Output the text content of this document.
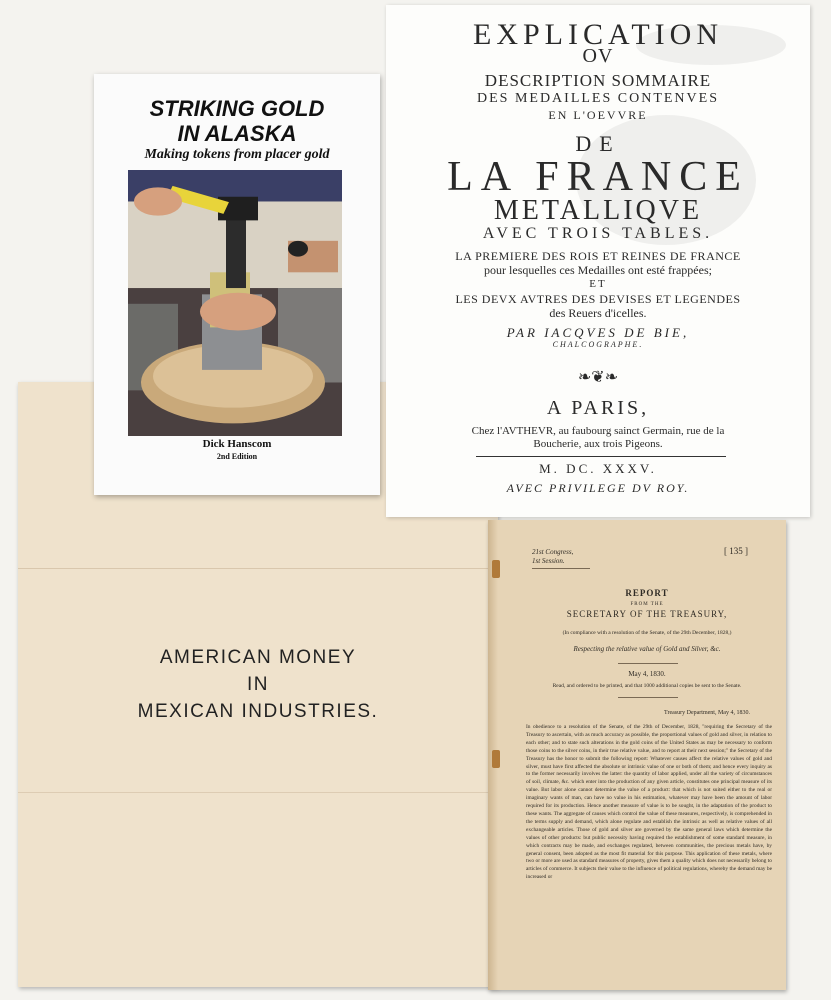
AMERICAN MONEY
IN
MEXICAN INDUSTRIES.
STRIKING GOLD
IN ALASKA
Making tokens from placer gold
Dick Hanscom
2nd Edition
EXPLICATION
OV
DESCRIPTION SOMMAIRE
DES MEDAILLES CONTENVES
EN L'OEVVRE
DE
LA FRANCE
METALLIQVE
AVEC TROIS TABLES.
LA PREMIERE DES ROIS ET REINES DE FRANCE
pour lesquelles ces Medailles ont esté frappées;
ET
LES DEVX AVTRES DES DEVISES ET LEGENDES
des Reuers d'icelles.
PAR IACQVES DE BIE,
CHALCOGRAPHE.
❧❦❧
A PARIS,
Chez l'AVTHEVR, au faubourg sainct Germain, rue de la
Boucherie, aux trois Pigeons.
M. DC. XXXV.
AVEC PRIVILEGE DV ROY.
21st Congress,
1st Session.
[ 135 ]
REPORT
FROM THE
SECRETARY OF THE TREASURY,
(In compliance with a resolution of the Senate, of the 29th December, 1828,)
Respecting the relative value of Gold and Silver, &c.
May 4, 1830.
Read, and ordered to be printed, and that 1000 additional copies be sent to the Senate.
Treasury Department, May 4, 1830.
In obedience to a resolution of the Senate, of the 29th of December, 1828, "requiring the Secretary of the Treasury to ascertain, with as much accuracy as possible, the proportional values of gold and silver, in relation to each other; and to state such alterations in the gold coins of the United States as may be necessary to conform those coins to the silver coins, in their true relative value, and to report at their next session;" the Secretary of the Treasury has the honor to submit the following report: Whatever causes affect the relative values of gold and silver, must have first affected the absolute or intrinsic value of one or both of them; and hence every inquiry as to the former necessarily involves the latter: the quantity of labor applied, under all the variety of circumstances of soil, climate, &c. which enter into the production of any given article, constitutes one principal measure of its value. But labor alone cannot determine the value of a product: that which is not suited either to the real or imaginary wants of man, can have no value in his estimation, whatever may have been the amount of labor required for its production. Hence another measure of value is to be sought, in the adaptation of the product to these wants. The aggregate of causes which control the value of these measures, respectively, is comprehended in the terms supply and demand, which alone regulate and establish the intrinsic as well as relative values of all exchangeable articles. Those of gold and silver are governed by the same general laws which determine the values of other products: but public necessity having required the establishment of some standard measure, in which contracts may be made, and exchanges regulated, between communities, the precious metals have, by general consent, been adopted as the most fit material for this purpose. This application of these metals, where two or more are used as standard measures of property, gives them a quality which does not necessarily belong to articles of commerce. It subjects their value to the influence of political regulations, whereby the demand may be increased or
